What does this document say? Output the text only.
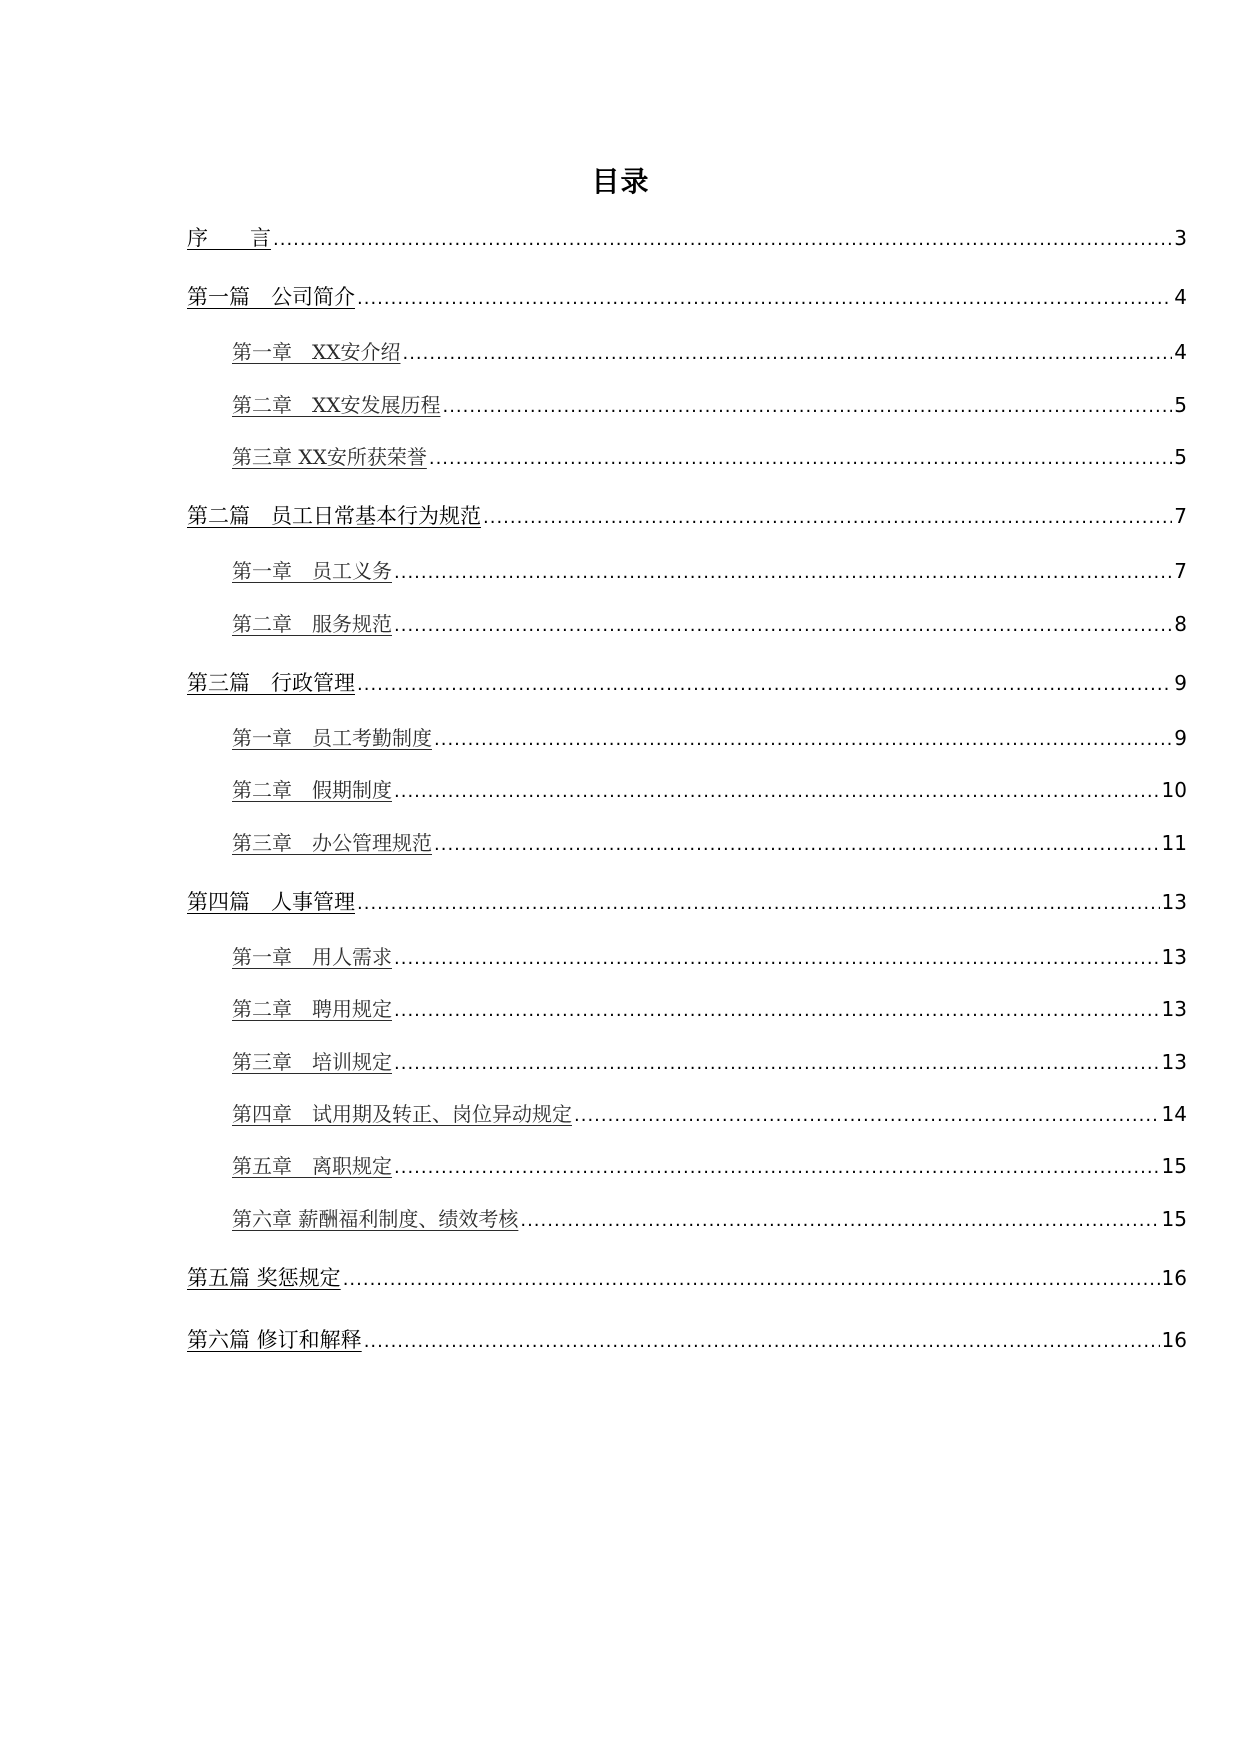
目录
序　　言 .....	3
第一篇　公司简介 .....	4
第一章　XX安介绍 .....	4
第二章　XX安发展历程 .....	5
第三章 XX安所获荣誉 .....	5
第二篇　员工日常基本行为规范 .....	7
第一章　员工义务 .....	7
第二章　服务规范 .....	8
第三篇　行政管理 .....	9
第一章　员工考勤制度 .....	9
第二章　假期制度 .....	10
第三章　办公管理规范 .....	11
第四篇　人事管理 .....	13
第一章　用人需求 .....	13
第二章　聘用规定 .....	13
第三章　培训规定 .....	13
第四章　试用期及转正、岗位异动规定 .....	14
第五章　离职规定 .....	15
第六章 薪酬福利制度、绩效考核 .....	15
第五篇 奖惩规定 .....	16
第六篇 修订和解释 .....	16
